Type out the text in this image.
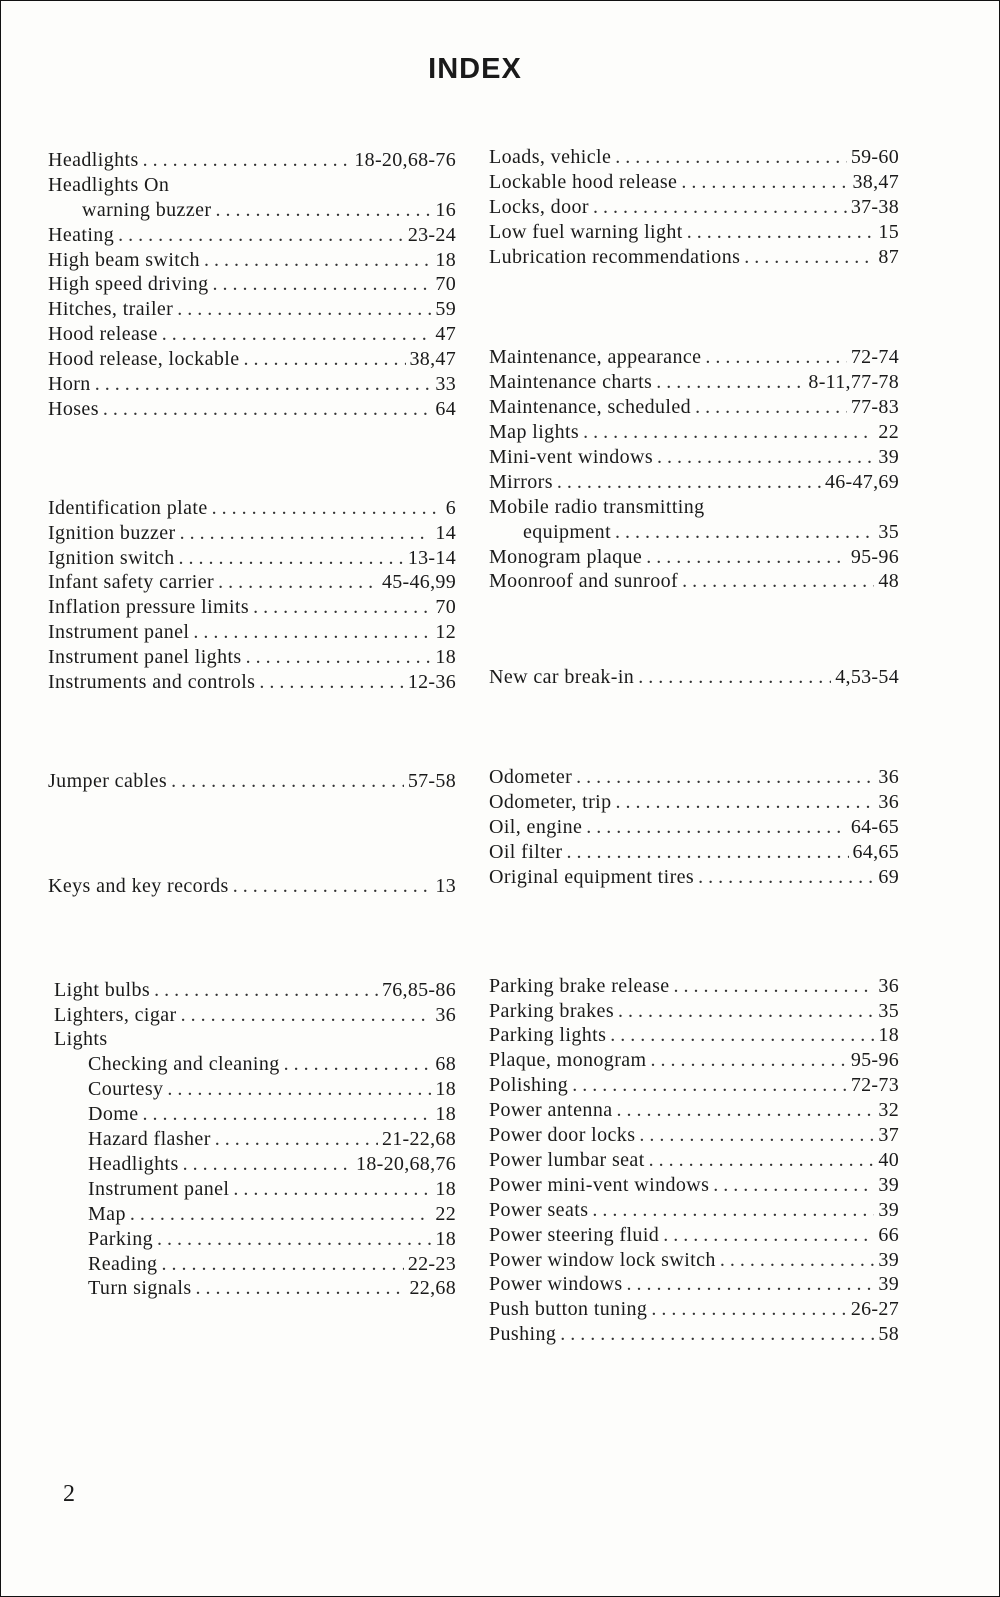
INDEX
Headlights . . .	18-20,68-76
Headlights On
warning buzzer . . .	16
Heating . . .	23-24
High beam switch . . .	18
High speed driving . . .	70
Hitches, trailer . . .	59
Hood release . . .	47
Hood release, lockable . . .	38,47
Horn . . .	33
Hoses . . .	64
Identification plate . . .	6
Ignition buzzer . . .	14
Ignition switch . . .	13-14
Infant safety carrier . . .	45-46,99
Inflation pressure limits . . .	70
Instrument panel . . .	12
Instrument panel lights . . .	18
Instruments and controls . . .	12-36
Jumper cables . . .	57-58
Keys and key records . . .	13
Light bulbs . . .	76,85-86
Lighters, cigar . . .	36
Lights
Checking and cleaning . . .	68
Courtesy . . .	18
Dome . . .	18
Hazard flasher . . .	21-22,68
Headlights . . .	18-20,68,76
Instrument panel . . .	18
Map . . .	22
Parking . . .	18
Reading . . .	22-23
Turn signals . . .	22,68
Loads, vehicle . . .	59-60
Lockable hood release . . .	38,47
Locks, door . . .	37-38
Low fuel warning light . . .	15
Lubrication recommendations . . .	87
Maintenance, appearance . . .	72-74
Maintenance charts . . .	8-11,77-78
Maintenance, scheduled . . .	77-83
Map lights . . .	22
Mini-vent windows . . .	39
Mirrors . . .	46-47,69
Mobile radio transmitting
equipment . . .	35
Monogram plaque . . .	95-96
Moonroof and sunroof . . .	48
New car break-in . . .	4,53-54
Odometer . . .	36
Odometer, trip . . .	36
Oil, engine . . .	64-65
Oil filter . . .	64,65
Original equipment tires . . .	69
Parking brake release . . .	36
Parking brakes . . .	35
Parking lights . . .	18
Plaque, monogram . . .	95-96
Polishing . . .	72-73
Power antenna . . .	32
Power door locks . . .	37
Power lumbar seat . . .	40
Power mini-vent windows . . .	39
Power seats . . .	39
Power steering fluid . . .	66
Power window lock switch . . .	39
Power windows . . .	39
Push button tuning . . .	26-27
Pushing . . .	58
2
